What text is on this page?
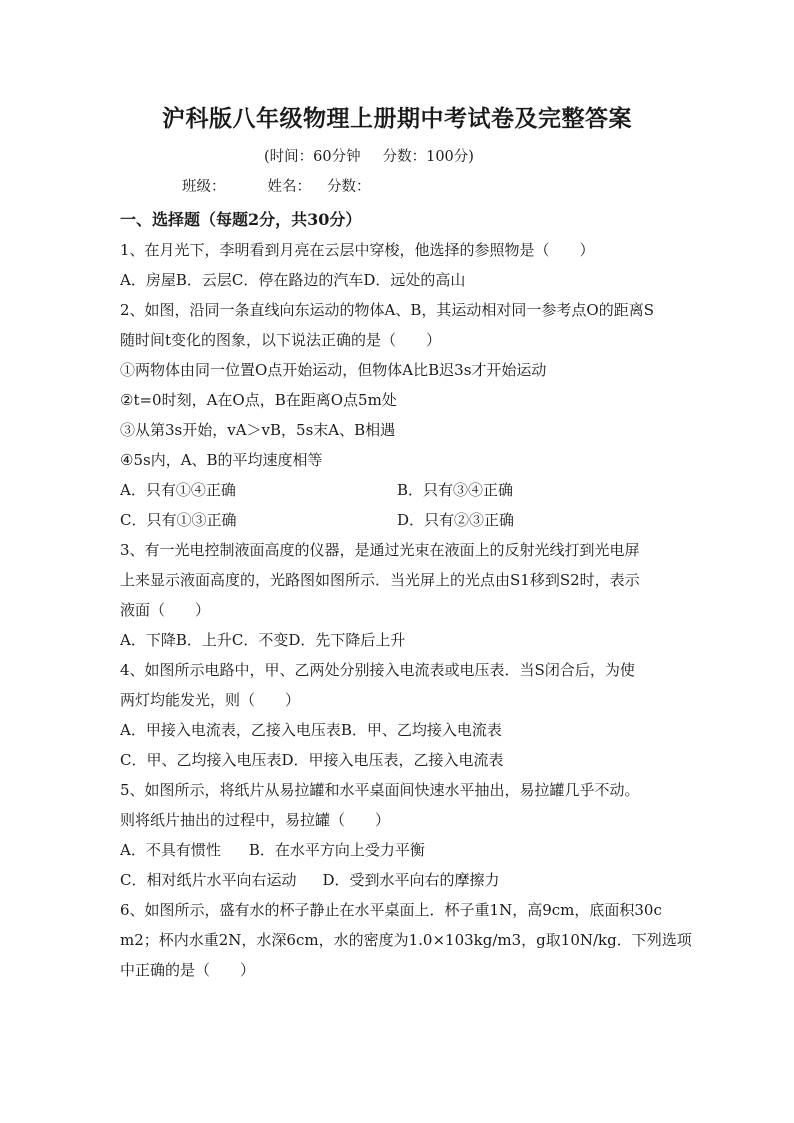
沪科版八年级物理上册期中考试卷及完整答案
(时间：60分钟 分数：100分)
班级：	姓名： 分数：
一、选择题（每题2分，共30分）
1、在月光下，李明看到月亮在云层中穿梭，他选择的参照物是（　　）
A．房屋B．云层C．停在路边的汽车D．远处的高山
2、如图，沿同一条直线向东运动的物体A、B，其运动相对同一参考点O的距离S
随时间t变化的图象，以下说法正确的是（　　）
①两物体由同一位置O点开始运动，但物体A比B迟3s才开始运动
②t=0时刻，A在O点，B在距离O点5m处
③从第3s开始，vA＞vB，5s末A、B相遇
④5s内，A、B的平均速度相等
A．只有①④正确	B．只有③④正确
C．只有①③正确	D．只有②③正确
3、有一光电控制液面高度的仪器，是通过光束在液面上的反射光线打到光电屏
上来显示液面高度的，光路图如图所示．当光屏上的光点由S1移到S2时，表示
液面（　　）
A．下降B．上升C．不变D．先下降后上升
4、如图所示电路中，甲、乙两处分别接入电流表或电压表．当S闭合后，为使
两灯均能发光，则（　　）
A．甲接入电流表，乙接入电压表B．甲、乙均接入电流表
C．甲、乙均接入电压表D．甲接入电压表，乙接入电流表
5、如图所示，将纸片从易拉罐和水平桌面间快速水平抽出，易拉罐几乎不动。
则将纸片抽出的过程中，易拉罐（　　）
A．不具有惯性 B．在水平方向上受力平衡
C．相对纸片水平向右运动 D．受到水平向右的摩擦力
6、如图所示，盛有水的杯子静止在水平桌面上．杯子重1N，高9cm，底面积30c
m2；杯内水重2N，水深6cm，水的密度为1.0×103kg/m3，g取10N/kg．下列选项
中正确的是（　　）
